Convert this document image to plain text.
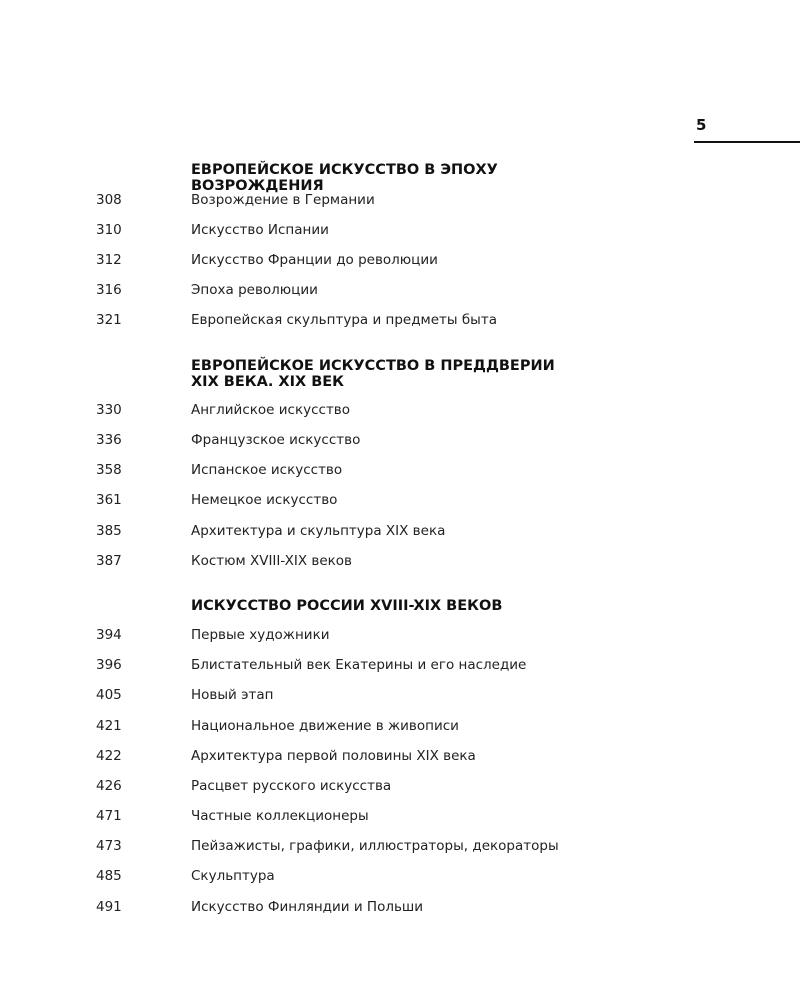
5
ЕВРОПЕЙСКОЕ ИСКУССТВО В ЭПОХУ ВОЗРОЖДЕНИЯ
308	Возрождение в Германии
310	Искусство Испании
312	Искусство Франции до революции
316	Эпоха революции
321	Европейская скульптура и предметы быта
ЕВРОПЕЙСКОЕ ИСКУССТВО В ПРЕДДВЕРИИ
XIX ВЕКА. XIX ВЕК
330	Английское искусство
336	Французское искусство
358	Испанское искусство
361	Немецкое искусство
385	Архитектура и скульптура XIX века
387	Костюм XVIII-XIX веков
ИСКУССТВО РОССИИ XVIII-XIX ВЕКОВ
394	Первые художники
396	Блистательный век Екатерины и его наследие
405	Новый этап
421	Национальное движение в живописи
422	Архитектура первой половины XIX века
426	Расцвет русского искусства
471	Частные коллекционеры
473	Пейзажисты, графики, иллюстраторы, декораторы
485	Скульптура
491	Искусство Финляндии и Польши
